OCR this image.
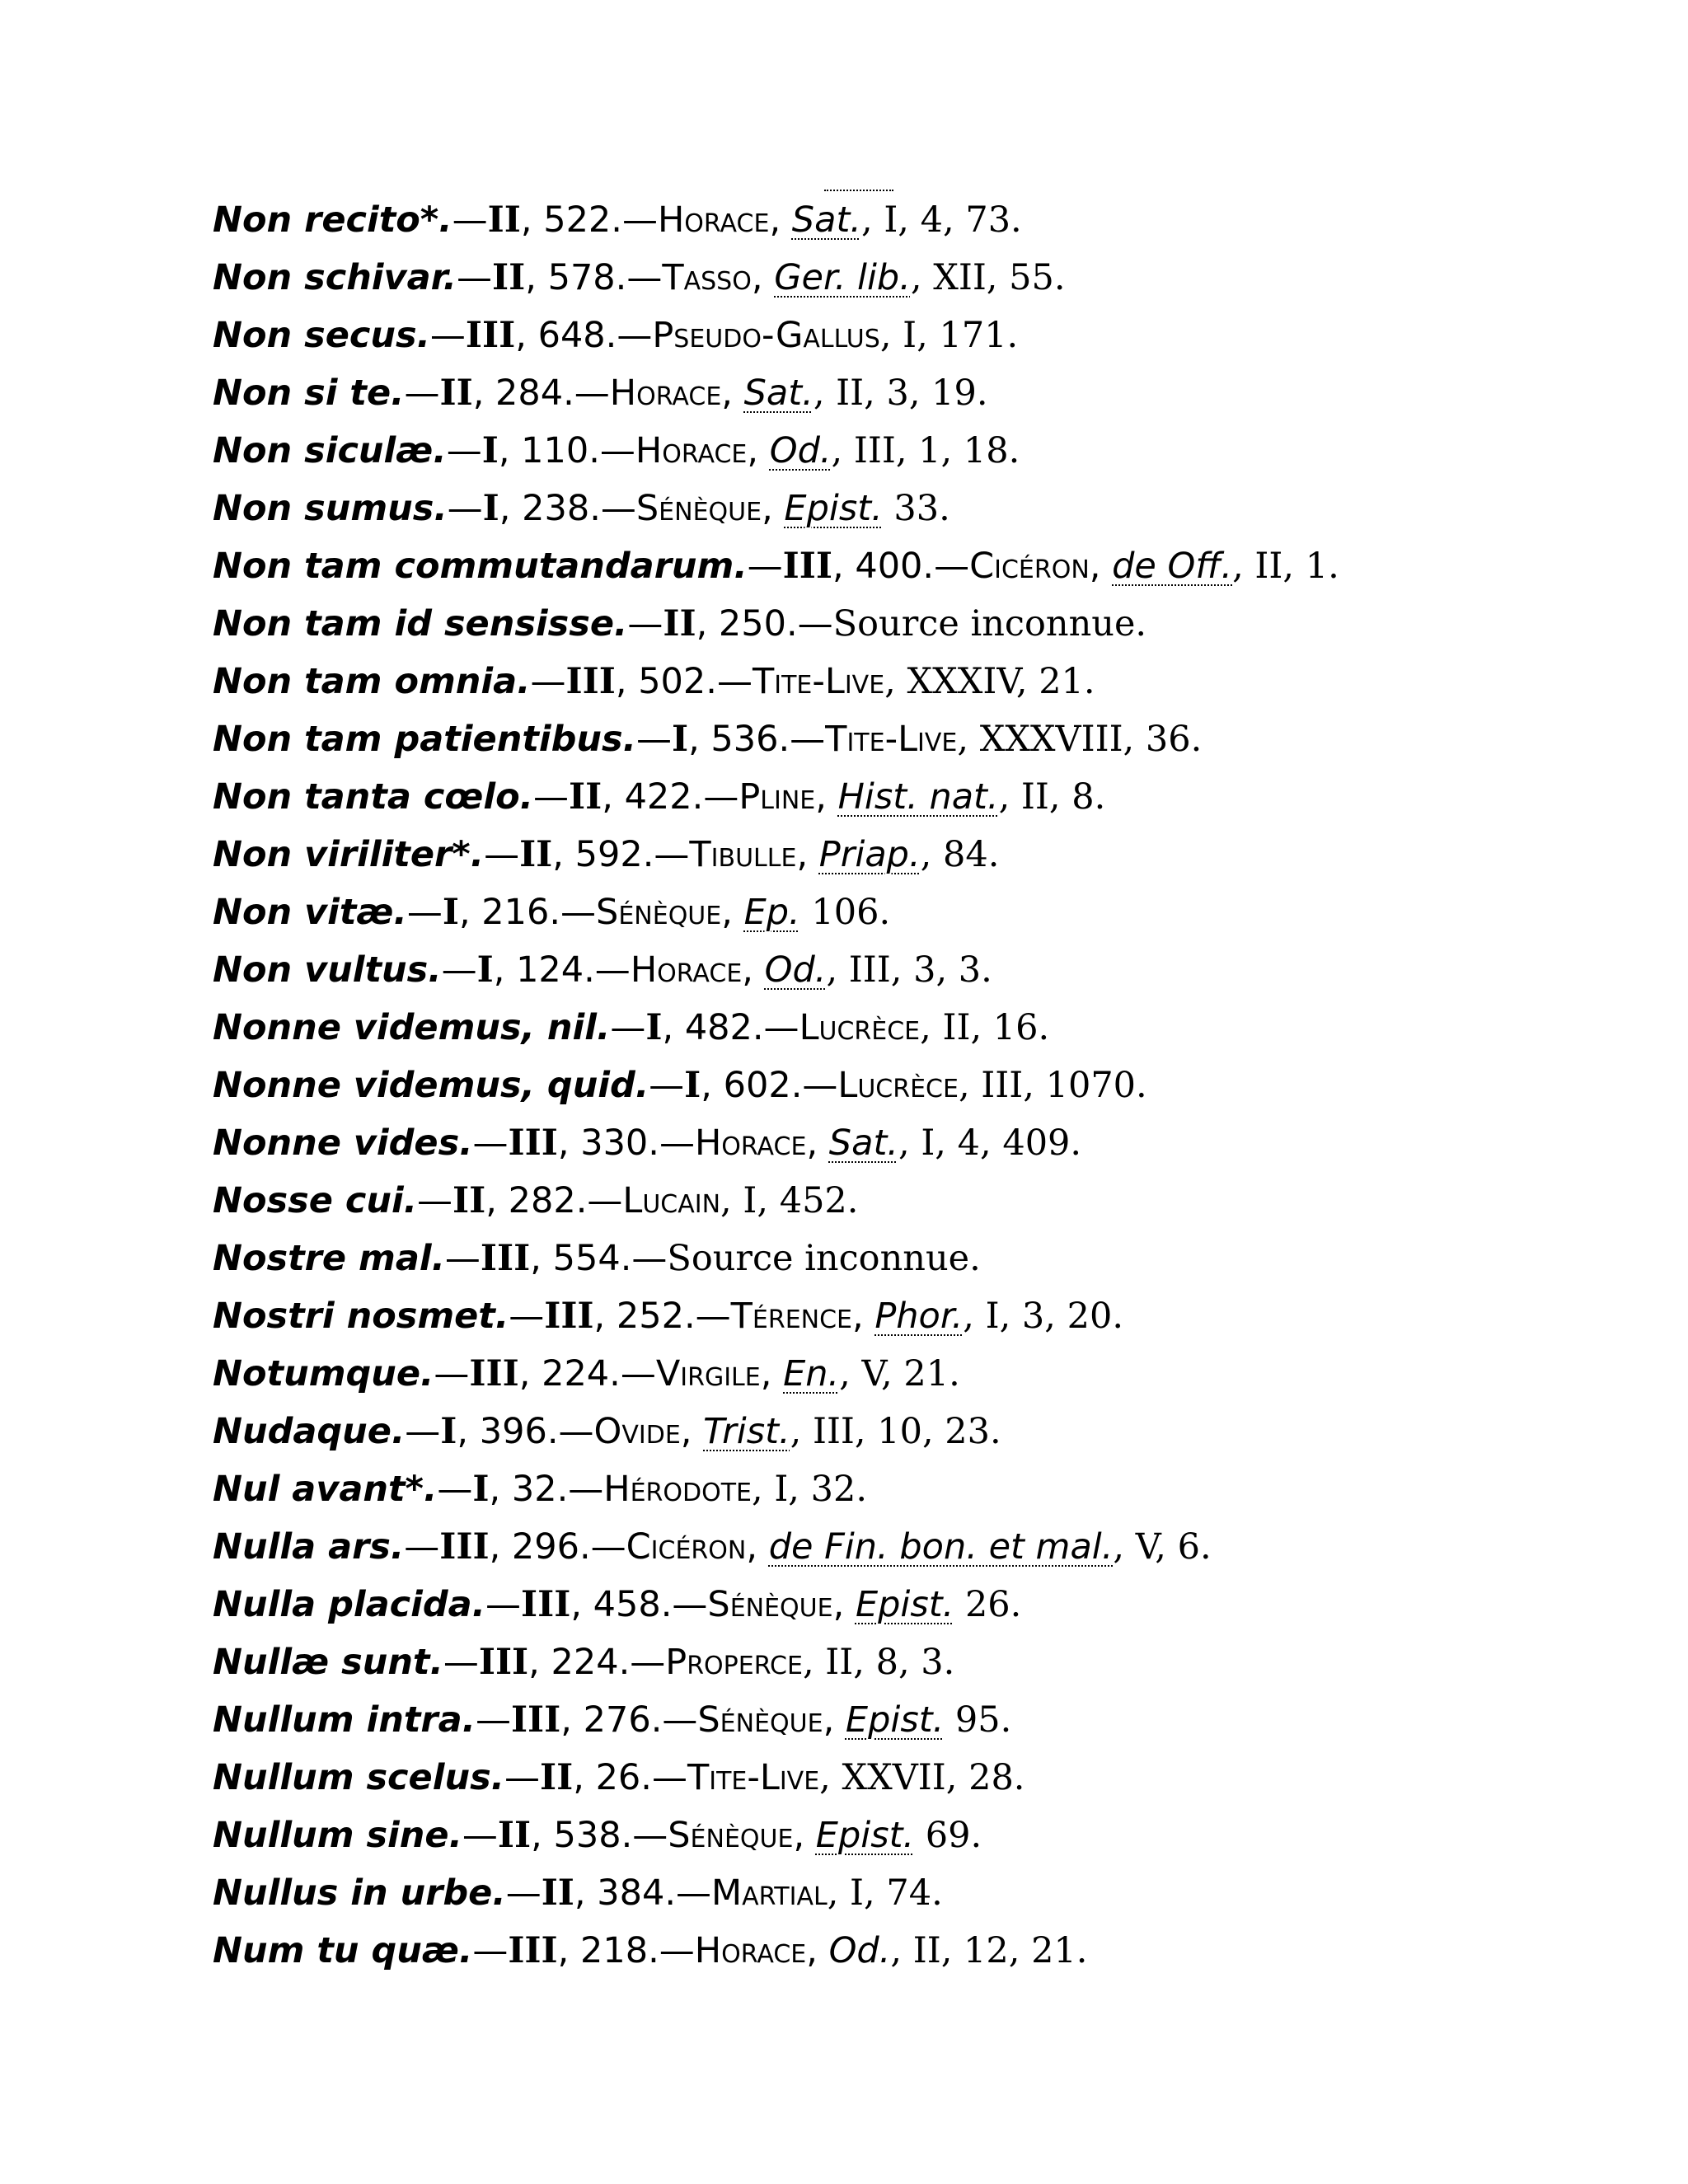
Non recito*.—II, 522.—Horace, Sat., I, 4, 73.
Non schivar.—II, 578.—Tasso, Ger. lib., XII, 55.
Non secus.—III, 648.—Pseudo-Gallus, I, 171.
Non si te.—II, 284.—Horace, Sat., II, 3, 19.
Non siculæ.—I, 110.—Horace, Od., III, 1, 18.
Non sumus.—I, 238.—Sénèque, Epist. 33.
Non tam commutandarum.—III, 400.—Cicéron, de Off., II, 1.
Non tam id sensisse.—II, 250.—Source inconnue.
Non tam omnia.—III, 502.—Tite-Live, XXXIV, 21.
Non tam patientibus.—I, 536.—Tite-Live, XXXVIII, 36.
Non tanta cœlo.—II, 422.—Pline, Hist. nat., II, 8.
Non viriliter*.—II, 592.—Tibulle, Priap., 84.
Non vitæ.—I, 216.—Sénèque, Ep. 106.
Non vultus.—I, 124.—Horace, Od., III, 3, 3.
Nonne videmus, nil.—I, 482.—Lucrèce, II, 16.
Nonne videmus, quid.—I, 602.—Lucrèce, III, 1070.
Nonne vides.—III, 330.—Horace, Sat., I, 4, 409.
Nosse cui.—II, 282.—Lucain, I, 452.
Nostre mal.—III, 554.—Source inconnue.
Nostri nosmet.—III, 252.—Térence, Phor., I, 3, 20.
Notumque.—III, 224.—Virgile, En., V, 21.
Nudaque.—I, 396.—Ovide, Trist., III, 10, 23.
Nul avant*.—I, 32.—Hérodote, I, 32.
Nulla ars.—III, 296.—Cicéron, de Fin. bon. et mal., V, 6.
Nulla placida.—III, 458.—Sénèque, Epist. 26.
Nullæ sunt.—III, 224.—Properce, II, 8, 3.
Nullum intra.—III, 276.—Sénèque, Epist. 95.
Nullum scelus.—II, 26.—Tite-Live, XXVII, 28.
Nullum sine.—II, 538.—Sénèque, Epist. 69.
Nullus in urbe.—II, 384.—Martial, I, 74.
Num tu quæ.—III, 218.—Horace, Od., II, 12, 21.
